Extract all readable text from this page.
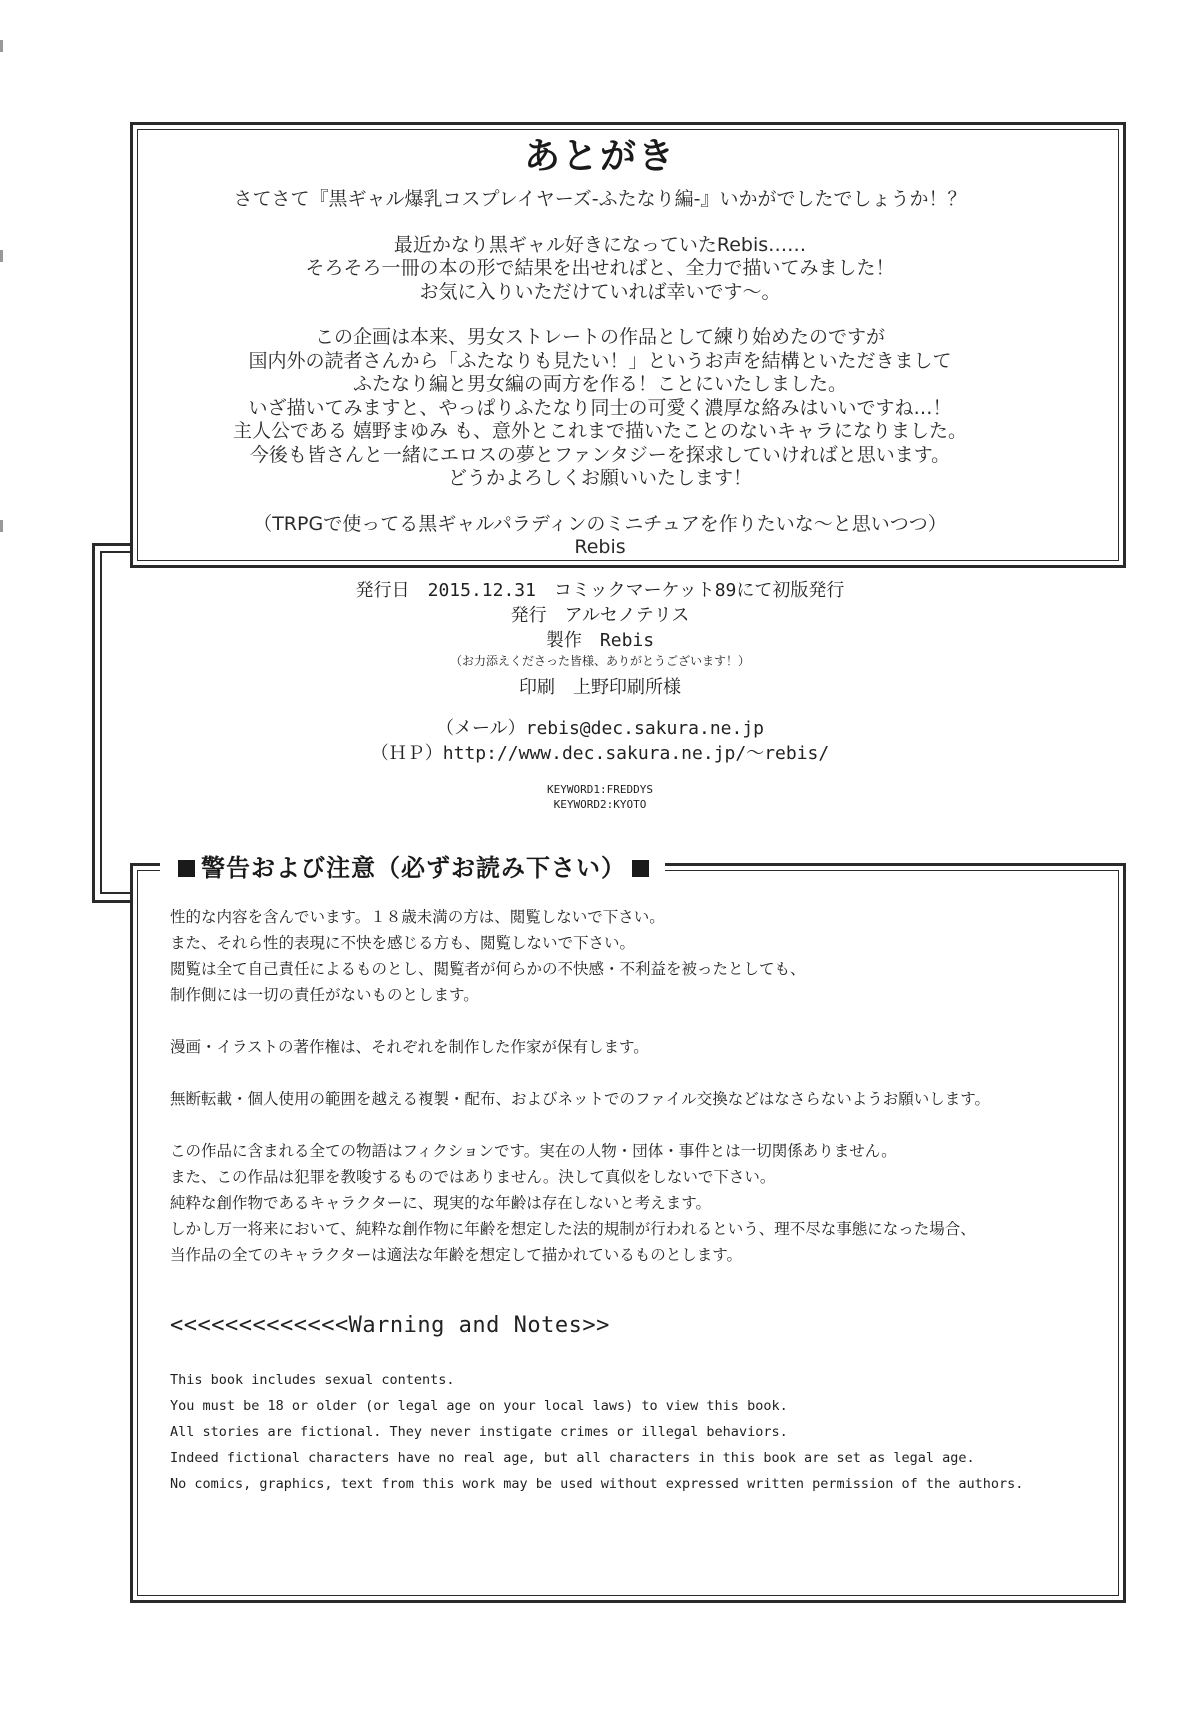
あとがき
さてさて『黒ギャル爆乳コスプレイヤーズ-ふたなり編-』いかがでしたでしょうか！？
最近かなり黒ギャル好きになっていたRebis……
そろそろ一冊の本の形で結果を出せればと、全力で描いてみました！
お気に入りいただけていれば幸いです〜。
この企画は本来、男女ストレートの作品として練り始めたのですが
国内外の読者さんから「ふたなりも見たい！」というお声を結構といただきまして
ふたなり編と男女編の両方を作る！ことにいたしました。
いざ描いてみますと、やっぱりふたなり同士の可愛く濃厚な絡みはいいですね…！
主人公である 嬉野まゆみ も、意外とこれまで描いたことのないキャラになりました。
今後も皆さんと一緒にエロスの夢とファンタジーを探求していければと思います。
どうかよろしくお願いいたします！
（TRPGで使ってる黒ギャルパラディンのミニチュアを作りたいな〜と思いつつ）
Rebis
発行日　2015.12.31　コミックマーケット89にて初版発行
発行　アルセノテリス
製作　Rebis
（お力添えくださった皆様、ありがとうございます！）
印刷　上野印刷所様
（メール）rebis@dec.sakura.ne.jp
（ＨＰ）http://www.dec.sakura.ne.jp/〜rebis/
KEYWORD1:FREDDYS
KEYWORD2:KYOTO
警告および注意（必ずお読み下さい）
性的な内容を含んでいます。１８歳未満の方は、閲覧しないで下さい。
また、それら性的表現に不快を感じる方も、閲覧しないで下さい。
閲覧は全て自己責任によるものとし、閲覧者が何らかの不快感・不利益を被ったとしても、
制作側には一切の責任がないものとします。
漫画・イラストの著作権は、それぞれを制作した作家が保有します。
無断転載・個人使用の範囲を越える複製・配布、およびネットでのファイル交換などはなさらないようお願いします。
この作品に含まれる全ての物語はフィクションです。実在の人物・団体・事件とは一切関係ありません。
また、この作品は犯罪を教唆するものではありません。決して真似をしないで下さい。
純粋な創作物であるキャラクターに、現実的な年齢は存在しないと考えます。
しかし万一将来において、純粋な創作物に年齢を想定した法的規制が行われるという、理不尽な事態になった場合、
当作品の全てのキャラクターは適法な年齢を想定して描かれているものとします。
<<<<<<<<<<<<<Warning and Notes>>
This book includes sexual contents.
You must be 18 or older (or legal age on your local laws) to view this book.
All stories are fictional. They never instigate crimes or illegal behaviors.
Indeed fictional characters have no real age, but all characters in this book are set as legal age.
No comics, graphics, text from this work may be used without expressed written permission of the authors.
